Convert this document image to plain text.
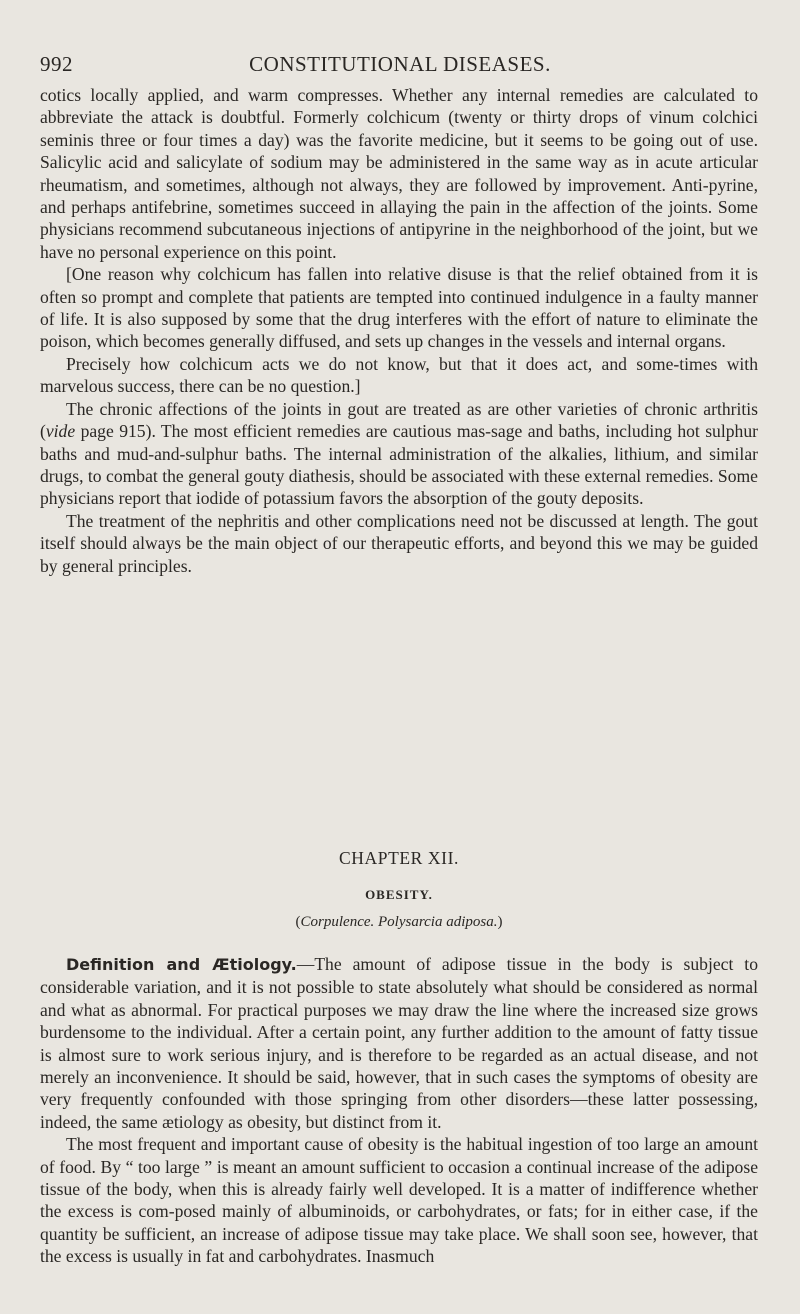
992	CONSTITUTIONAL DISEASES.

cotics locally applied, and warm compresses. Whether any internal remedies are calculated to abbreviate the attack is doubtful. Formerly colchicum (twenty or thirty drops of vinum colchici seminis three or four times a day) was the favorite medicine, but it seems to be going out of use. Salicylic acid and salicylate of sodium may be administered in the same way as in acute articular rheumatism, and sometimes, although not always, they are followed by improvement. Anti-pyrine, and perhaps antifebrine, sometimes succeed in allaying the pain in the affection of the joints. Some physicians recommend subcutaneous injections of antipyrine in the neighborhood of the joint, but we have no personal experience on this point.

[One reason why colchicum has fallen into relative disuse is that the relief obtained from it is often so prompt and complete that patients are tempted into continued indulgence in a faulty manner of life. It is also supposed by some that the drug interferes with the effort of nature to eliminate the poison, which becomes generally diffused, and sets up changes in the vessels and internal organs.

Precisely how colchicum acts we do not know, but that it does act, and some-times with marvelous success, there can be no question.]

The chronic affections of the joints in gout are treated as are other varieties of chronic arthritis (vide page 915). The most efficient remedies are cautious mas-sage and baths, including hot sulphur baths and mud-and-sulphur baths. The internal administration of the alkalies, lithium, and similar drugs, to combat the general gouty diathesis, should be associated with these external remedies. Some physicians report that iodide of potassium favors the absorption of the gouty deposits.

The treatment of the nephritis and other complications need not be discussed at length. The gout itself should always be the main object of our therapeutic efforts, and beyond this we may be guided by general principles.

CHAPTER XII.
OBESITY.
(Corpulence. Polysarcia adiposa.)

Definition and Ætiology.—The amount of adipose tissue in the body is subject to considerable variation, and it is not possible to state absolutely what should be considered as normal and what as abnormal. For practical purposes we may draw the line where the increased size grows burdensome to the individual. After a certain point, any further addition to the amount of fatty tissue is almost sure to work serious injury, and is therefore to be regarded as an actual disease, and not merely an inconvenience. It should be said, however, that in such cases the symptoms of obesity are very frequently confounded with those springing from other disorders—these latter possessing, indeed, the same ætiology as obesity, but distinct from it.

The most frequent and important cause of obesity is the habitual ingestion of too large an amount of food. By “ too large ” is meant an amount sufficient to occasion a continual increase of the adipose tissue of the body, when this is already fairly well developed. It is a matter of indifference whether the excess is com-posed mainly of albuminoids, or carbohydrates, or fats; for in either case, if the quantity be sufficient, an increase of adipose tissue may take place. We shall soon see, however, that the excess is usually in fat and carbohydrates. Inasmuch
